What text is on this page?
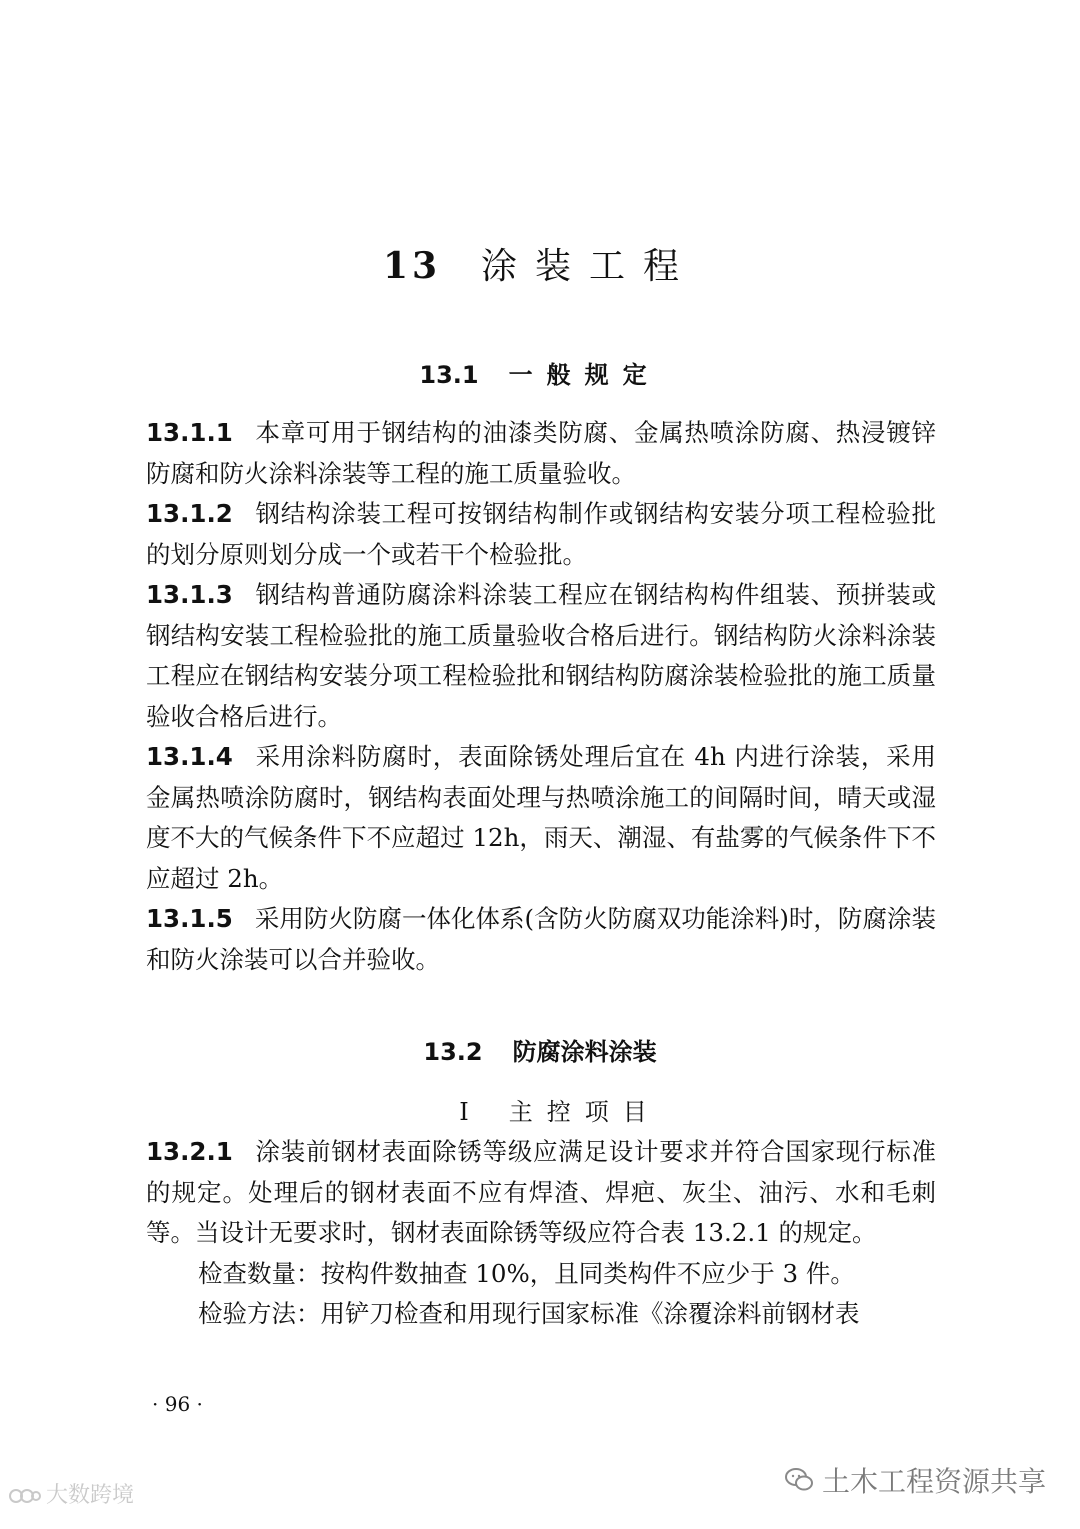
13 涂装工程
13.1 一般规定

13.1.1 本章可用于钢结构的油漆类防腐、金属热喷涂防腐、热浸镀锌防腐和防火涂料涂装等工程的施工质量验收。

13.1.2 钢结构涂装工程可按钢结构制作或钢结构安装分项工程检验批的划分原则划分成一个或若干个检验批。

13.1.3 钢结构普通防腐涂料涂装工程应在钢结构构件组装、预拼装或钢结构安装工程检验批的施工质量验收合格后进行。钢结构防火涂料涂装工程应在钢结构安装分项工程检验批和钢结构防腐涂装检验批的施工质量验收合格后进行。

13.1.4 采用涂料防腐时，表面除锈处理后宜在 4h 内进行涂装，采用金属热喷涂防腐时，钢结构表面处理与热喷涂施工的间隔时间，晴天或湿度不大的气候条件下不应超过 12h，雨天、潮湿、有盐雾的气候条件下不应超过 2h。

13.1.5 采用防火防腐一体化体系(含防火防腐双功能涂料)时，防腐涂装和防火涂装可以合并验收。

13.2 防腐涂料涂装
Ⅰ 主控项目

13.2.1 涂装前钢材表面除锈等级应满足设计要求并符合国家现行标准的规定。处理后的钢材表面不应有焊渣、焊疤、灰尘、油污、水和毛刺等。当设计无要求时，钢材表面除锈等级应符合表 13.2.1 的规定。

检查数量：按构件数抽查 10%，且同类构件不应少于 3 件。

检验方法：用铲刀检查和用现行国家标准《涂覆涂料前钢材表

· 96 ·
大数跨境	土木工程资源共享
